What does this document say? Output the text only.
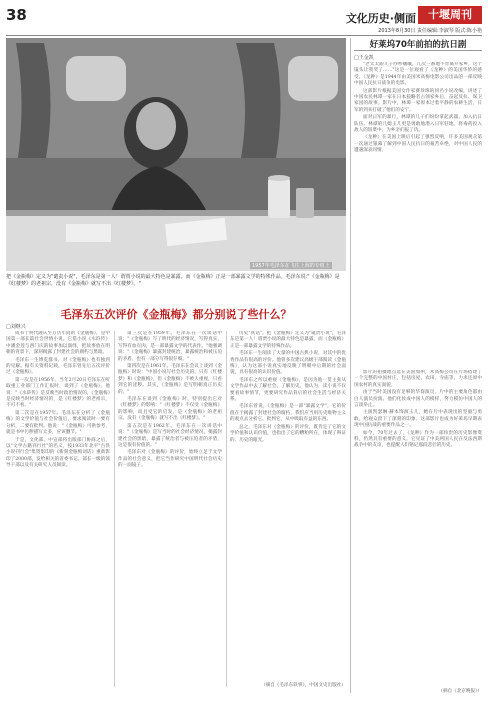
38	文化历史·侧面	十堰周刊
2013年8月30日 责任编辑:李淑琴 版式:陈小艳
1957年毛泽东在飞往上海的专机上
把《金瓶梅》定义为"谴责小说"，毛泽东是第一人！谓贾小说的最大特色是暴露。而《金瓶梅》正是一部暴露文学的特殊作品。毛泽东说:"《金瓶梅》是《红楼梦》的老祖宗，没有《金瓶梅》就写不出《红楼梦》。"
毛泽东五次评价《金瓶梅》都分别说了些什么？
□刘继兴

成书于明代隆庆至万历年间的《金瓶梅》，是中国第一部长篇社会世情小说。它借小说《水浒传》中潘金莲与西门庆的故事加以演绎，把故事放在明朝的背景下，深刻揭露了封建社会的腐朽与黑暗。

毛泽东一生博览群书，对《金瓶梅》也有独到的见解。据有关资料记载，毛泽东曾先后五次评价过《金瓶梅》。

第一次是在1956年。当年2月20日毛泽东在听取重工业部门工作汇报时，谈到了《金瓶梅》，他说："《水浒传》是反映当时政治情况的，《金瓶梅》是反映当时经济情况的，是《红楼梦》的老祖宗，不可不看。"

第二次是在1957年。毛泽东在分析了《金瓶梅》的文学价值与社会价值后，要求阅读时一要有分析，二要有批判。他说："《金瓶梅》可供参考，就是书中污秽描写太多，应该删节。"

于是，文化部、中宣部将出版部门协商之后，以"文学古籍刊行社"的名义，按1933年北平"古佚小说刊行会"集资影印的《新刻金瓶梅词话》重新影印了2000部，发给相关的省委书记、部长一级的领导干部以及有关研究人员阅读。

第三次是在1959年。毛泽东在一次谈话中说："《金瓶梅》写了明代的经济情况，写得真实，写得有血有肉，是一部暴露文学的代表作。"他强调说："《金瓶梅》暴露封建统治，暴露统治和被压迫的矛盾，也有一部分写得很仔细。"

第四次是在1961年。毛泽东在会议上谈到《金瓶梅》时说："中国小说写社会历史的，只有《红楼梦》和《金瓶梅》，但《金瓶梅》不被人重视，只看到它的淫秽。其实，《金瓶梅》是写明朝真正历史的。"

毛泽东在谈到《金瓶梅》时，特别提出它对《红楼梦》的影响："《红楼梦》不仅受《金瓶梅》的影响，而且受它的启发，是《金瓶梅》的老祖宗。没有《金瓶梅》就写不出《红楼梦》。"

第五次是在1962年。毛泽东在一次讲话中说："《金瓶梅》是写当时的社会经济情况，揭露封建社会的黑暗，暴露了统治者与被压迫者的矛盾，这是很有价值的。"

毛泽东对《金瓶梅》的评价，始终立足于文学作品的社会意义，把它当作研究中国明代社会历史的一面镜子。

历史"真话"。把《金瓶梅》定义为"谴责小说"，毛泽东是第一人！谓贾小说的最大特色是暴露，而《金瓶梅》正是一部暴露文学的特殊作品。

毛泽东一生阅读了大量的中国古典小说，对其中的优秀作品有很高的评价。他曾多次建议高级干部阅读《金瓶梅》，认为这部小说真实地反映了明朝中后期的社会面貌，具有很高的认识价值。

毛泽东之所以重视《金瓶梅》，是因为他一贯主张从文学作品中去了解社会、了解历史。他认为，读小说不仅要看故事情节，更要研究作品背后的社会生活与经济关系。

毛泽东曾说，《金瓶梅》是一部"暴露文学"，它的价值在于揭露了封建社会的腐朽，我们应当用历史唯物主义的观点去分析它、批判它，从中吸取有益的东西。

总之，毛泽东对《金瓶梅》的评价，既肯定了它的文学价值和认识价值，也指出了它的糟粕所在，体现了辩证的、历史的眼光。

（摘自《毛泽东轶事》，中国文史出版社）
好莱坞70年前拍的抗日剧
□王金凯

"老太太跟儿子吵吵嚷嚷，几次三番地不肯离开家乡，这个镜头让我哭了……"这是一位观看了《龙种》的美国华侨的感受。《龙种》是1944年由美国米高梅电影公司出品的一部反映中国人民抗日战争的电影。

这部影片根据美国女作家赛珍珠的同名小说改编，讲述了中国农民林谭一家在日本侵略者占领家乡后，奋起反抗、保卫家园的故事。影片中，林谭一家原本过着平静的农耕生活，日军的到来打破了他们的安宁。

面对日军的暴行，林谭的儿子们纷纷拿起武器，加入抗日队伍。林谭的儿媳玉儿更是勇敢地潜入日军驻地，将毒药投入敌人的饭菜中，为乡亲们报了仇。

《龙种》在美国上映后引起了强烈反响，许多美国观众第一次通过银幕了解到中国人民抗日的艰苦卓绝，对中国人民的遭遇深表同情。

影片的拍摄地点选在美国加州，米高梅公司在片场搭建了一个完整的中国村庄，包括房屋、农田、寺庙等，力求还原中国农村的真实面貌。

由于当时美国没有足够的华裔演员，片中的主要角色都由白人演员扮演。他们化妆成中国人的模样，努力模仿中国人的言谈举止。

主演凯瑟琳·赫本饰演玉儿，她在片中表现出的坚毅与勇敢，给观众留下了深刻的印象。这部影片也成为好莱坞早期表现中国抗战的重要作品之一。

如今，70年过去了，《龙种》作为一部珍贵的历史影像资料，仍然具有重要的意义。它见证了中美两国人民在反法西斯战争中的友谊，也提醒人们铭记那段悲壮的历史。

（摘自《北京晚报》）
